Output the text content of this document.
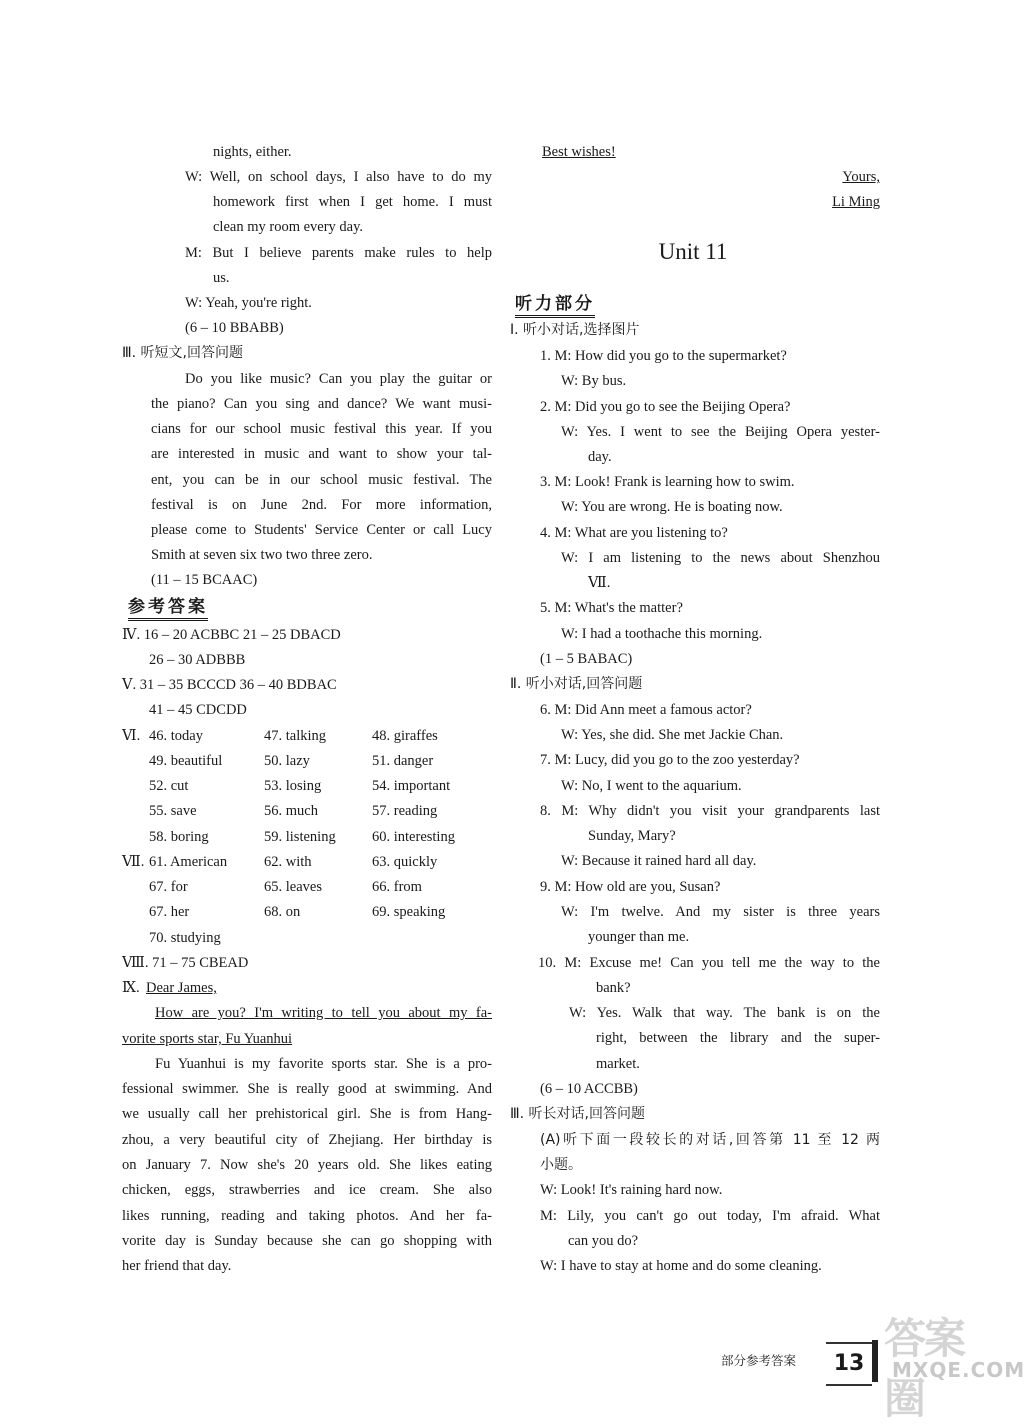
nights, either.
W: Well, on school days, I also have to do my
homework first when I get home. I must
clean my room every day.
M: But I believe parents make rules to help
us.
W: Yeah, you're right.
(6 – 10 BBABB)
Ⅲ. 听短文,回答问题
Do you like music? Can you play the guitar or
the piano? Can you sing and dance? We want musi-
cians for our school music festival this year. If you
are interested in music and want to show your tal-
ent, you can be in our school music festival. The
festival is on June 2nd. For more information,
please come to Students' Service Center or call Lucy
Smith at seven six two two three zero.
(11 – 15 BCAAC)
参考答案
Ⅳ. 16 – 20 ACBBC 21 – 25 DBACD
26 – 30 ADBBB
Ⅴ. 31 – 35 BCCCD 36 – 40 BDBAC
41 – 45 CDCDD
Ⅵ. 46. today	47. talking	48. giraffes
49. beautiful	50. lazy	51. danger
52. cut	53. losing	54. important
55. save	56. much	57. reading
58. boring	59. listening	60. interesting
Ⅶ. 61. American	62. with	63. quickly
67. for	65. leaves	66. from
67. her	68. on	69. speaking
70. studying
Ⅷ. 71 – 75 CBEAD
Ⅸ. Dear James,
How are you? I'm writing to tell you about my fa-
vorite sports star, Fu Yuanhui
Fu Yuanhui is my favorite sports star. She is a pro-
fessional swimmer. She is really good at swimming. And
we usually call her prehistorical girl. She is from Hang-
zhou, a very beautiful city of Zhejiang. Her birthday is
on January 7. Now she's 20 years old. She likes eating
chicken, eggs, strawberries and ice cream. She also
likes running, reading and taking photos. And her fa-
vorite day is Sunday because she can go shopping with
her friend that day.
Best wishes!
Yours,
Li Ming
Unit 11
听力部分
Ⅰ. 听小对话,选择图片
1. M: How did you go to the supermarket?
W: By bus.
2. M: Did you go to see the Beijing Opera?
W: Yes. I went to see the Beijing Opera yester-
day.
3. M: Look! Frank is learning how to swim.
W: You are wrong. He is boating now.
4. M: What are you listening to?
W: I am listening to the news about Shenzhou
Ⅶ.
5. M: What's the matter?
W: I had a toothache this morning.
(1 – 5 BABAC)
Ⅱ. 听小对话,回答问题
6. M: Did Ann meet a famous actor?
W: Yes, she did. She met Jackie Chan.
7. M: Lucy, did you go to the zoo yesterday?
W: No, I went to the aquarium.
8. M: Why didn't you visit your grandparents last
Sunday, Mary?
W: Because it rained hard all day.
9. M: How old are you, Susan?
W: I'm twelve. And my sister is three years
younger than me.
10. M: Excuse me! Can you tell me the way to the
bank?
W: Yes. Walk that way. The bank is on the
right, between the library and the super-
market.
(6 – 10 ACCBB)
Ⅲ. 听长对话,回答问题
(A)听下面一段较长的对话,回答第 11 至 12 两
小题。
W: Look! It's raining hard now.
M: Lily, you can't go out today, I'm afraid. What
can you do?
W: I have to stay at home and do some cleaning.
部分参考答案	13
答案圈
MXQE.COM
